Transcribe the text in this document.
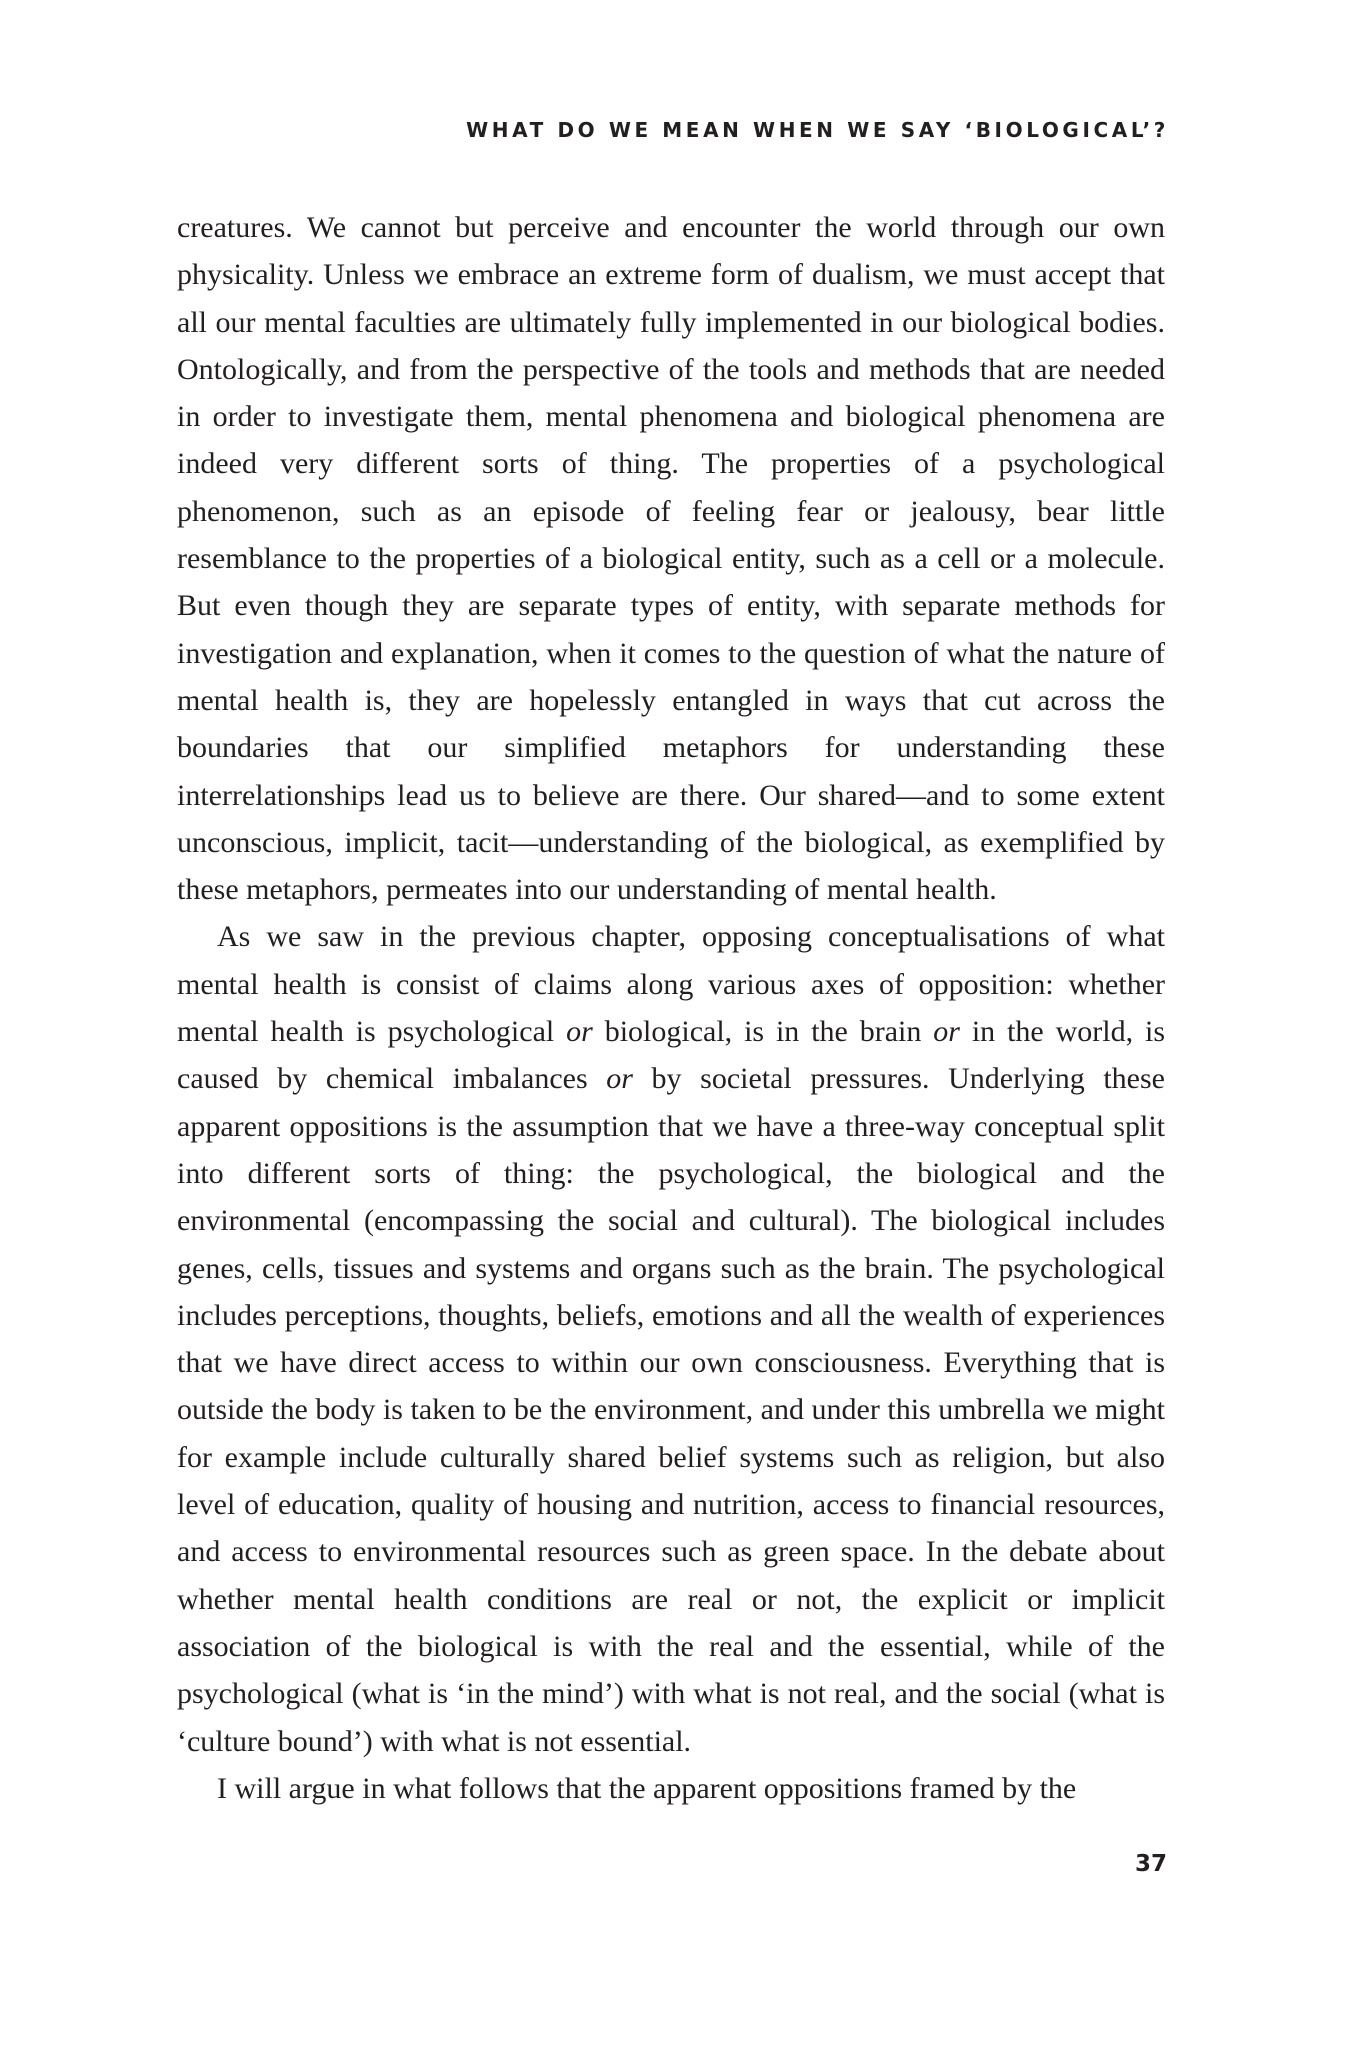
WHAT DO WE MEAN WHEN WE SAY ‘BIOLOGICAL’?

creatures. We cannot but perceive and encounter the world through our own physicality. Unless we embrace an extreme form of dualism, we must accept that all our mental faculties are ultimately fully implemented in our biological bodies. Ontologically, and from the perspective of the tools and methods that are needed in order to investigate them, mental phenomena and biological phenomena are indeed very different sorts of thing. The properties of a psychological phenomenon, such as an episode of feeling fear or jealousy, bear little resemblance to the properties of a biological entity, such as a cell or a molecule. But even though they are separate types of entity, with separate methods for investigation and explanation, when it comes to the question of what the nature of mental health is, they are hopelessly entangled in ways that cut across the boundaries that our simplified metaphors for understanding these interrelationships lead us to believe are there. Our shared—and to some extent unconscious, implicit, tacit—understanding of the biological, as exemplified by these metaphors, permeates into our understanding of mental health.

As we saw in the previous chapter, opposing conceptualisations of what mental health is consist of claims along various axes of opposition: whether mental health is psychological or biological, is in the brain or in the world, is caused by chemical imbalances or by societal pressures. Underlying these apparent oppositions is the assumption that we have a three-way conceptual split into different sorts of thing: the psychological, the biological and the environmental (encompassing the social and cultural). The biological includes genes, cells, tissues and systems and organs such as the brain. The psychological includes perceptions, thoughts, beliefs, emotions and all the wealth of experiences that we have direct access to within our own consciousness. Everything that is outside the body is taken to be the environment, and under this umbrella we might for example include culturally shared belief systems such as religion, but also level of education, quality of housing and nutrition, access to financial resources, and access to environmental resources such as green space. In the debate about whether mental health conditions are real or not, the explicit or implicit association of the biological is with the real and the essential, while of the psychological (what is ‘in the mind’) with what is not real, and the social (what is ‘culture bound’) with what is not essential.

I will argue in what follows that the apparent oppositions framed by the

37
